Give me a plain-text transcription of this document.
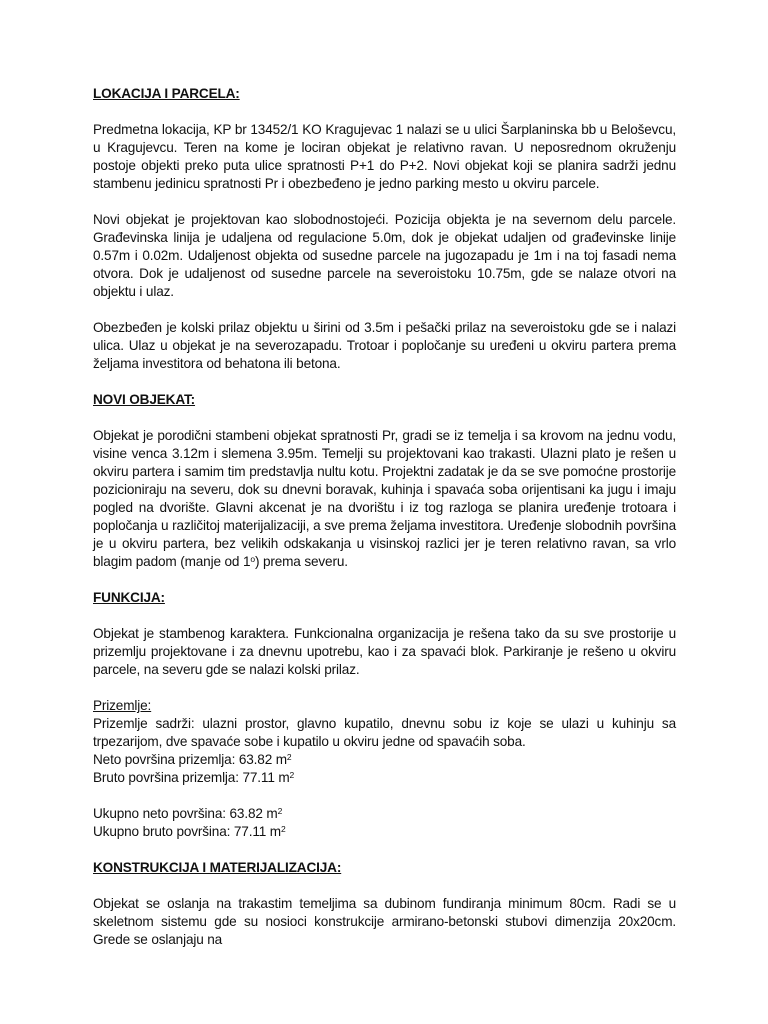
LOKACIJA I PARCELA:

Predmetna lokacija, KP br 13452/1 KO Kragujevac 1 nalazi se u ulici Šarplaninska bb u Beloševcu, u Kragujevcu. Teren na kome je lociran objekat je relativno ravan. U neposrednom okruženju postoje objekti preko puta ulice spratnosti P+1 do P+2. Novi objekat koji se planira sadrži jednu stambenu jedinicu spratnosti Pr i obezbeđeno je jedno parking mesto u okviru parcele.

Novi objekat je projektovan kao slobodnostojeći. Pozicija objekta je na severnom delu parcele. Građevinska linija je udaljena od regulacione 5.0m, dok je objekat udaljen od građevinske linije 0.57m i 0.02m. Udaljenost objekta od susedne parcele na jugozapadu je 1m i na toj fasadi nema otvora. Dok je udaljenost od susedne parcele na severoistoku 10.75m, gde se nalaze otvori na objektu i ulaz.

Obezbeđen je kolski prilaz objektu u širini od 3.5m i pešački prilaz na severoistoku gde se i nalazi ulica. Ulaz u objekat je na severozapadu. Trotoar i popločanje su uređeni u okviru partera prema željama investitora od behatona ili betona.

NOVI OBJEKAT:

Objekat je porodični stambeni objekat spratnosti Pr, gradi se iz temelja i sa krovom na jednu vodu, visine venca 3.12m i slemena 3.95m. Temelji su projektovani kao trakasti. Ulazni plato je rešen u okviru partera i samim tim predstavlja nultu kotu. Projektni zadatak je da se sve pomoćne prostorije pozicioniraju na severu, dok su dnevni boravak, kuhinja i spavaća soba orijentisani ka jugu i imaju pogled na dvorište. Glavni akcenat je na dvorištu i iz tog razloga se planira uređenje trotoara i popločanja u različitoj materijalizaciji, a sve prema željama investitora. Uređenje slobodnih površina je u okviru partera, bez velikih odskakanja u visinskoj razlici jer je teren relativno ravan, sa vrlo blagim padom (manje od 1$^o$) prema severu.

FUNKCIJA:

Objekat je stambenog karaktera. Funkcionalna organizacija je rešena tako da su sve prostorije u prizemlju projektovane i za dnevnu upotrebu, kao i za spavaći blok. Parkiranje je rešeno u okviru parcele, na severu gde se nalazi kolski prilaz.

Prizemlje:

Prizemlje sadrži: ulazni prostor, glavno kupatilo, dnevnu sobu iz koje se ulazi u kuhinju sa trpezarijom, dve spavaće sobe i kupatilo u okviru jedne od spavaćih soba.

Neto površina prizemlja: 63.82 $m^2$

Bruto površina prizemlja: 77.11 $m^2$

Ukupno neto površina: 63.82 $m^2$

Ukupno bruto površina: 77.11 $m^2$

KONSTRUKCIJA I MATERIJALIZACIJA:

Objekat se oslanja na trakastim temeljima sa dubinom fundiranja minimum 80cm. Radi se u skeletnom sistemu gde su nosioci konstrukcije armirano-betonski stubovi dimenzija 20x20cm. Grede se oslanjaju na
